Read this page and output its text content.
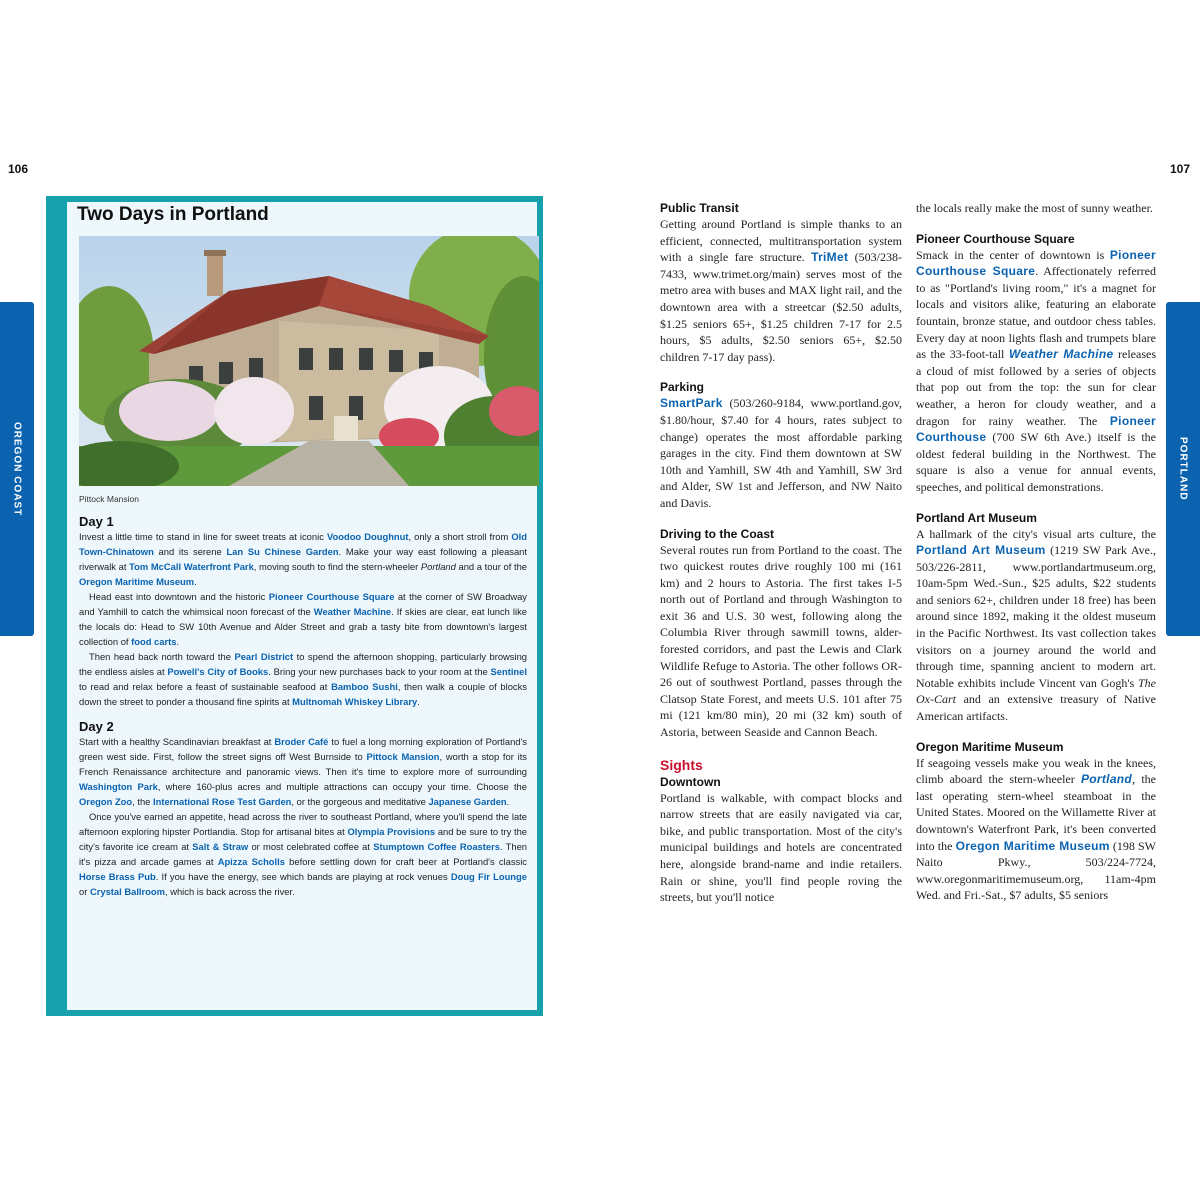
106	107
OREGON COAST	PORTLAND
Two Days in Portland
Pittock Mansion
Day 1

Invest a little time to stand in line for sweet treats at iconic Voodoo Doughnut, only a short stroll from Old Town-Chinatown and its serene Lan Su Chinese Garden. Make your way east following a pleasant riverwalk at Tom McCall Waterfront Park, moving south to find the stern-wheeler Portland and a tour of the Oregon Maritime Museum.

Head east into downtown and the historic Pioneer Courthouse Square at the corner of SW Broadway and Yamhill to catch the whimsical noon forecast of the Weather Machine. If skies are clear, eat lunch like the locals do: Head to SW 10th Avenue and Alder Street and grab a tasty bite from downtown's largest collection of food carts.

Then head back north toward the Pearl District to spend the afternoon shopping, particularly browsing the endless aisles at Powell's City of Books. Bring your new purchases back to your room at the Sentinel to read and relax before a feast of sustainable seafood at Bamboo Sushi, then walk a couple of blocks down the street to ponder a thousand fine spirits at Multnomah Whiskey Library.

Day 2

Start with a healthy Scandinavian breakfast at Broder Café to fuel a long morning exploration of Portland's green west side. First, follow the street signs off West Burnside to Pittock Mansion, worth a stop for its French Renaissance architecture and panoramic views. Then it's time to explore more of surrounding Washington Park, where 160-plus acres and multiple attractions can occupy your time. Choose the Oregon Zoo, the International Rose Test Garden, or the gorgeous and meditative Japanese Garden.

Once you've earned an appetite, head across the river to southeast Portland, where you'll spend the late afternoon exploring hipster Portlandia. Stop for artisanal bites at Olympia Provisions and be sure to try the city's favorite ice cream at Salt & Straw or most celebrated coffee at Stumptown Coffee Roasters. Then it's pizza and arcade games at Apizza Scholls before settling down for craft beer at Portland's classic Horse Brass Pub. If you have the energy, see which bands are playing at rock venues Doug Fir Lounge or Crystal Ballroom, which is back across the river.

Public Transit
Getting around Portland is simple thanks to an efficient, connected, multitransportation system with a single fare structure. TriMet (503/238-7433, www.trimet.org/main) serves most of the metro area with buses and MAX light rail, and the downtown area with a streetcar ($2.50 adults, $1.25 seniors 65+, $1.25 children 7-17 for 2.5 hours, $5 adults, $2.50 seniors 65+, $2.50 children 7-17 day pass).
Parking
SmartPark (503/260-9184, www.portland.gov, $1.80/hour, $7.40 for 4 hours, rates subject to change) operates the most affordable parking garages in the city. Find them downtown at SW 10th and Yamhill, SW 4th and Yamhill, SW 3rd and Alder, SW 1st and Jefferson, and NW Naito and Davis.
Driving to the Coast
Several routes run from Portland to the coast. The two quickest routes drive roughly 100 mi (161 km) and 2 hours to Astoria. The first takes I-5 north out of Portland and through Washington to exit 36 and U.S. 30 west, following along the Columbia River through sawmill towns, alder-forested corridors, and past the Lewis and Clark Wildlife Refuge to Astoria. The other follows OR-26 out of southwest Portland, passes through the Clatsop State Forest, and meets U.S. 101 after 75 mi (121 km/80 min), 20 mi (32 km) south of Astoria, between Seaside and Cannon Beach.
Sights
Downtown
Portland is walkable, with compact blocks and narrow streets that are easily navigated via car, bike, and public transportation. Most of the city's municipal buildings and hotels are concentrated here, alongside brand-name and indie retailers. Rain or shine, you'll find people roving the streets, but you'll notice
the locals really make the most of sunny weather.
Pioneer Courthouse Square
Smack in the center of downtown is Pioneer Courthouse Square. Affectionately referred to as "Portland's living room," it's a magnet for locals and visitors alike, featuring an elaborate fountain, bronze statue, and outdoor chess tables. Every day at noon lights flash and trumpets blare as the 33-foot-tall Weather Machine releases a cloud of mist followed by a series of objects that pop out from the top: the sun for clear weather, a heron for cloudy weather, and a dragon for rainy weather. The Pioneer Courthouse (700 SW 6th Ave.) itself is the oldest federal building in the Northwest. The square is also a venue for annual events, speeches, and political demonstrations.
Portland Art Museum
A hallmark of the city's visual arts culture, the Portland Art Museum (1219 SW Park Ave., 503/226-2811, www.portlandartmuseum.org, 10am-5pm Wed.-Sun., $25 adults, $22 students and seniors 62+, children under 18 free) has been around since 1892, making it the oldest museum in the Pacific Northwest. Its vast collection takes visitors on a journey around the world and through time, spanning ancient to modern art. Notable exhibits include Vincent van Gogh's The Ox-Cart and an extensive treasury of Native American artifacts.
Oregon Maritime Museum
If seagoing vessels make you weak in the knees, climb aboard the stern-wheeler Portland, the last operating stern-wheel steamboat in the United States. Moored on the Willamette River at downtown's Waterfront Park, it's been converted into the Oregon Maritime Museum (198 SW Naito Pkwy., 503/224-7724, www.oregonmaritimemuseum.org, 11am-4pm Wed. and Fri.-Sat., $7 adults, $5 seniors
